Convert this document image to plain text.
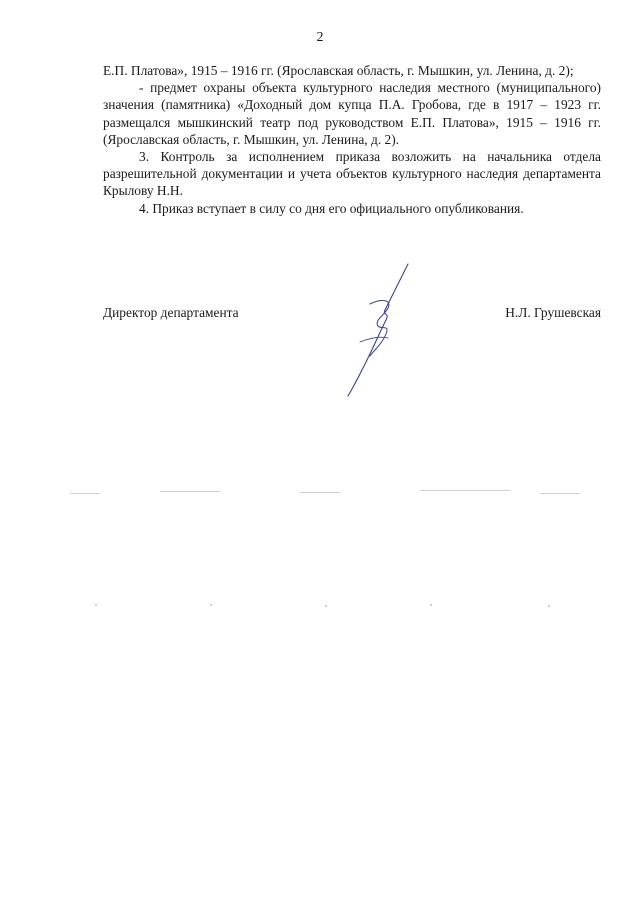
2

Е.П. Платова», 1915 – 1916 гг. (Ярославская область, г. Мышкин, ул. Ленина, д. 2);

- предмет охраны объекта культурного наследия местного (муниципального) значения (памятника) «Доходный дом купца П.А. Гробова, где в 1917 – 1923 гг. размещался мышкинский театр под руководством Е.П. Платова», 1915 – 1916 гг. (Ярославская область, г. Мышкин, ул. Ленина, д. 2).

3. Контроль за исполнением приказа возложить на начальника отдела разрешительной документации и учета объектов культурного наследия департамента Крылову Н.Н.

4. Приказ вступает в силу со дня его официального опубликования.

Директор департамента	Н.Л. Грушевская
